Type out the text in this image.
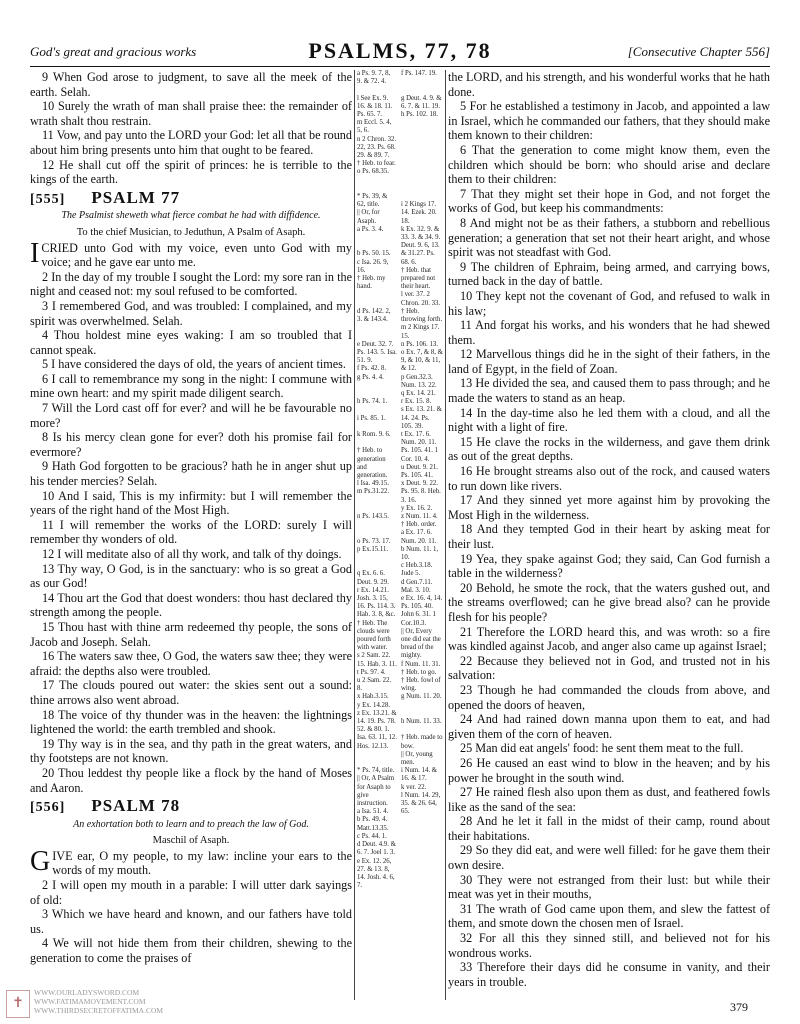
God's great and gracious works	PSALMS, 77, 78	[Consecutive Chapter 556]

9 When God arose to judgment, to save all the meek of the earth. Selah.

10 Surely the wrath of man shall praise thee: the remainder of wrath shalt thou restrain.

11 Vow, and pay unto the LORD your God: let all that be round about him bring presents unto him that ought to be feared.

12 He shall cut off the spirit of princes: he is terrible to the kings of the earth.

[555] PSALM 77

The Psalmist sheweth what fierce combat he had with diffidence.

To the chief Musician, to Jeduthun, A Psalm of Asaph.

ICRIED unto God with my voice, even unto God with my voice; and he gave ear unto me.

2 In the day of my trouble I sought the Lord: my sore ran in the night and ceased not: my soul refused to be comforted.

3 I remembered God, and was troubled: I complained, and my spirit was overwhelmed. Selah.

4 Thou holdest mine eyes waking: I am so troubled that I cannot speak.

5 I have considered the days of old, the years of ancient times.

6 I call to remembrance my song in the night: I commune with mine own heart: and my spirit made diligent search.

7 Will the Lord cast off for ever? and will he be favourable no more?

8 Is his mercy clean gone for ever? doth his promise fail for evermore?

9 Hath God forgotten to be gracious? hath he in anger shut up his tender mercies? Selah.

10 And I said, This is my infirmity: but I will remember the years of the right hand of the Most High.

11 I will remember the works of the LORD: surely I will remember thy wonders of old.

12 I will meditate also of all thy work, and talk of thy doings.

13 Thy way, O God, is in the sanctuary: who is so great a God as our God!

14 Thou art the God that doest wonders: thou hast declared thy strength among the people.

15 Thou hast with thine arm redeemed thy people, the sons of Jacob and Joseph. Selah.

16 The waters saw thee, O God, the waters saw thee; they were afraid: the depths also were troubled.

17 The clouds poured out water: the skies sent out a sound: thine arrows also went abroad.

18 The voice of thy thunder was in the heaven: the lightnings lightened the world: the earth trembled and shook.

19 Thy way is in the sea, and thy path in the great waters, and thy footsteps are not known.

20 Thou leddest thy people like a flock by the hand of Moses and Aaron.

[556] PSALM 78

An exhortation both to learn and to preach the law of God.

Maschil of Asaph.

GIVE ear, O my people, to my law: incline your ears to the words of my mouth.

2 I will open my mouth in a parable: I will utter dark sayings of old:

3 Which we have heard and known, and our fathers have told us.

4 We will not hide them from their children, shewing to the generation to come the praises of

a Ps. 9. 7, 8, 9. & 72. 4.

l See Ex. 9. 16. & 18. 11. Ps. 65. 7.
m Eccl. 5. 4, 5, 6.
n 2 Chron. 32. 22, 23. Ps. 68. 29. & 89. 7.
† Heb. to fear.
o Ps. 68.35.

* Ps. 39, & 62, title.
|| Or, for Asaph.
a Ps. 3. 4.

b Ps. 50. 15.
c Isa. 26. 9, 16.
† Heb. my hand.

d Ps. 142. 2, 3. & 143.4.

e Deut. 32. 7. Ps. 143. 5. Isa. 51. 9.
f Ps. 42. 8.
g Ps. 4. 4.

h Ps. 74. 1.

i Ps. 85. 1.

k Rom. 9. 6.

† Heb. to generation and generation.
l Isa. 49.15.
m Ps.31.22.

n Ps. 143.5.

o Ps. 73. 17.
p Ex.15.11.

q Ex. 6. 6. Deut. 9. 29.
r Ex. 14.21. Josh. 3. 15, 16. Ps. 114. 3. Hab. 3. 8, &c.
† Heb. The clouds were poured forth with water.
s 2 Sam. 22. 15. Hab. 3. 11.
t Ps. 97. 4.
u 2 Sam. 22. 8.
x Hab.3.15.
y Ex. 14.28.
z Ex. 13.21. & 14. 19. Ps. 78. 52. & 80. 1. Isa. 63. 11, 12. Hos. 12.13.

* Ps. 74, title.
|| Or, A Psalm for Asaph to give instruction.
a Isa. 51. 4.
b Ps. 49. 4. Matt.13.35.
c Ps. 44. 1.
d Deut. 4.9. & 6. 7. Joel 1. 3.
e Ex. 12. 26, 27. & 13. 8, 14. Josh. 4. 6, 7.
f Ps. 147. 19.

g Deut. 4. 9. & 6. 7. & 11. 19.
h Ps. 102. 18.

i 2 Kings 17. 14. Ezek. 20. 18.
k Ex. 32. 9. & 33. 3. & 34. 9. Deut. 9. 6, 13. & 31.27. Ps. 68. 6.
† Heb. that prepared not their heart.
l ver. 37. 2 Chron. 20. 33.
† Heb. throwing forth.
m 2 Kings 17. 15.
n Ps. 106. 13.
o Ex. 7, & 8, & 9, & 10, & 11, & 12.
p Gen.32.3. Num. 13. 22.
q Ex. 14. 21.
r Ex. 15. 8.
s Ex. 13. 21. & 14. 24. Ps. 105. 39.
t Ex. 17. 6. Num. 20. 11. Ps. 105. 41. 1 Cor. 10. 4.
u Deut. 9. 21. Ps. 105. 41.
x Deut. 9. 22. Ps. 95. 8. Heb. 3. 16.
y Ex. 16. 2.
z Num. 11. 4.
† Heb. order.
a Ex. 17. 6. Num. 20. 11.
b Num. 11. 1, 10.
c Heb.3.18. Jude 5.
d Gen.7.11. Mal. 3. 10.
e Ex. 16. 4, 14. Ps. 105. 40. John 6. 31. 1 Cor.10.3.
|| Or, Every one did eat the bread of the mighty.
f Num. 11. 31.
† Heb. to go.
† Heb. fowl of wing.
g Num. 11. 20.

h Num. 11. 33.

† Heb. made to bow.
|| Or, young men.
i Num. 14. & 16. & 17.
k ver. 22.
l Num. 14. 29, 35. & 26. 64, 65.

the LORD, and his strength, and his wonderful works that he hath done.

5 For he established a testimony in Jacob, and appointed a law in Israel, which he commanded our fathers, that they should make them known to their children:

6 That the generation to come might know them, even the children which should be born: who should arise and declare them to their children:

7 That they might set their hope in God, and not forget the works of God, but keep his commandments:

8 And might not be as their fathers, a stubborn and rebellious generation; a generation that set not their heart aright, and whose spirit was not steadfast with God.

9 The children of Ephraim, being armed, and carrying bows, turned back in the day of battle.

10 They kept not the covenant of God, and refused to walk in his law;

11 And forgat his works, and his wonders that he had shewed them.

12 Marvellous things did he in the sight of their fathers, in the land of Egypt, in the field of Zoan.

13 He divided the sea, and caused them to pass through; and he made the waters to stand as an heap.

14 In the day-time also he led them with a cloud, and all the night with a light of fire.

15 He clave the rocks in the wilderness, and gave them drink as out of the great depths.

16 He brought streams also out of the rock, and caused waters to run down like rivers.

17 And they sinned yet more against him by provoking the Most High in the wilderness.

18 And they tempted God in their heart by asking meat for their lust.

19 Yea, they spake against God; they said, Can God furnish a table in the wilderness?

20 Behold, he smote the rock, that the waters gushed out, and the streams overflowed; can he give bread also? can he provide flesh for his people?

21 Therefore the LORD heard this, and was wroth: so a fire was kindled against Jacob, and anger also came up against Israel;

22 Because they believed not in God, and trusted not in his salvation:

23 Though he had commanded the clouds from above, and opened the doors of heaven,

24 And had rained down manna upon them to eat, and had given them of the corn of heaven.

25 Man did eat angels' food: he sent them meat to the full.

26 He caused an east wind to blow in the heaven; and by his power he brought in the south wind.

27 He rained flesh also upon them as dust, and feathered fowls like as the sand of the sea:

28 And he let it fall in the midst of their camp, round about their habitations.

29 So they did eat, and were well filled: for he gave them their own desire.

30 They were not estranged from their lust: but while their meat was yet in their mouths,

31 The wrath of God came upon them, and slew the fattest of them, and smote down the chosen men of Israel.

32 For all this they sinned still, and believed not for his wondrous works.

33 Therefore their days did he consume in vanity, and their years in trouble.

✝
WWW.OURLADYSWORD.COM
WWW.FATIMAMOVEMENT.COM
WWW.THIRDSECRETOFFATIMA.COM	379
